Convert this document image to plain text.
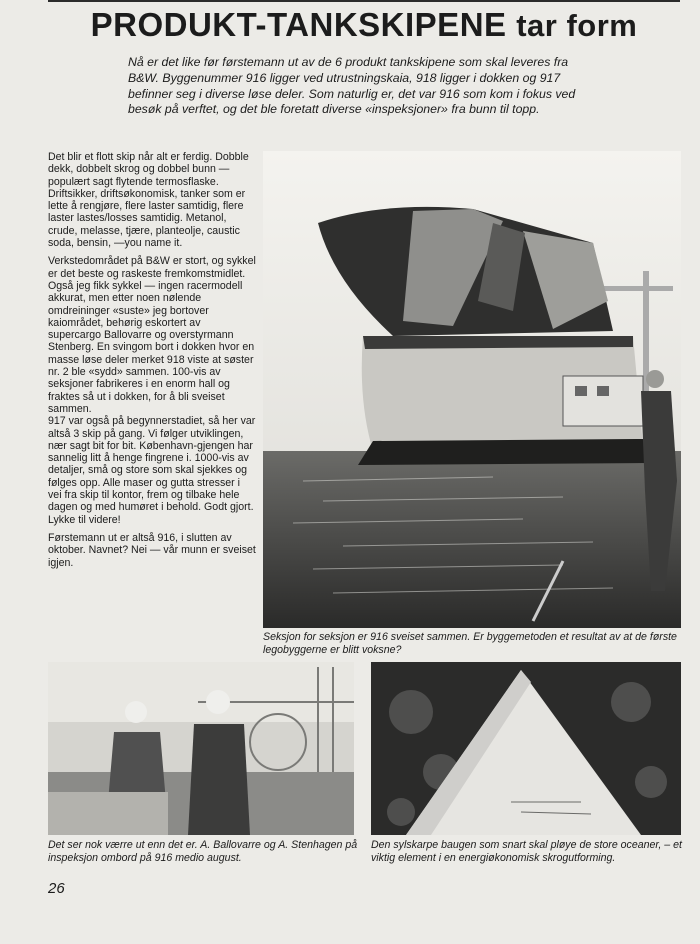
PRODUKT-TANKSKIPENE tar form
Nå er det like før førstemann ut av de 6 produkt tankskipene som skal leveres fra B&W. Byggenummer 916 ligger ved utrustningskaia, 918 ligger i dokken og 917 befinner seg i diverse løse deler. Som naturlig er, det var 916 som kom i fokus ved besøk på verftet, og det ble foretatt diverse «inspeksjoner» fra bunn til topp.

Det blir et flott skip når alt er ferdig. Dobble dekk, dobbelt skrog og dobbel bunn — populært sagt flytende termosflaske. Driftsikker, driftsøkonomisk, tanker som er lette å rengjøre, flere laster samtidig, flere laster lastes/losses samtidig. Metanol, crude, melasse, tjære, planteolje, caustic soda, bensin, —you name it.

Verkstedområdet på B&W er stort, og sykkel er det beste og raskeste fremkomstmidlet. Også jeg fikk sykkel — ingen racermodell akkurat, men etter noen nølende omdreininger «suste» jeg bortover kaiområdet, behørig eskortert av supercargo Ballovarre og overstyrmann Stenberg. En svingom bort i dokken hvor en masse løse deler merket 918 viste at søster nr. 2 ble «sydd» sammen. 100-vis av seksjoner fabrikeres i en enorm hall og fraktes så ut i dokken, for å bli sveiset sammen.

917 var også på begynnerstadiet, så her var altså 3 skip på gang. Vi følger utviklingen, nær sagt bit for bit. København-gjengen har sannelig litt å henge fingrene i. 1000-vis av detaljer, små og store som skal sjekkes og følges opp. Alle maser og gutta stresser i vei fra skip til kontor, frem og tilbake hele dagen og med humøret i behold. Godt gjort. Lykke til videre!

Førstemann ut er altså 916, i slutten av oktober. Navnet? Nei — vår munn er sveiset igjen.

Seksjon for seksjon er 916 sveiset sammen. Er byggemetoden et resultat av at de første legobyggerne er blitt voksne?
Det ser nok værre ut enn det er. A. Ballovarre og A. Stenhagen på inspeksjon ombord på 916 medio august.
Den sylskarpe baugen som snart skal pløye de store oceaner, – et viktig element i en energiøkonomisk skrogutforming.
26
